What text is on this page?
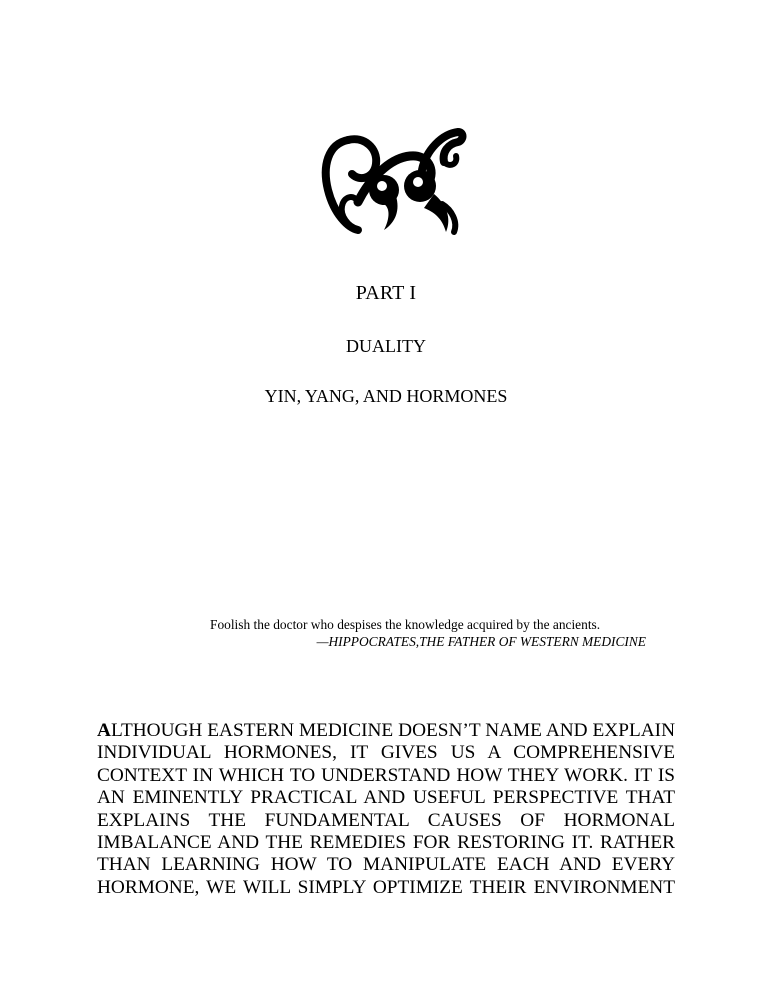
PART I
DUALITY
YIN, YANG, AND HORMONES
Foolish the doctor who despises the knowledge acquired by the ancients.
—HIPPOCRATES,THE FATHER OF WESTERN MEDICINE

ALTHOUGH EASTERN MEDICINE DOESN’T NAME AND EXPLAIN INDIVIDUAL HORMONES, IT GIVES US A COMPREHENSIVE CONTEXT IN WHICH TO UNDERSTAND HOW THEY WORK. IT IS AN EMINENTLY PRACTICAL AND USEFUL PERSPECTIVE THAT EXPLAINS THE FUNDAMENTAL CAUSES OF HORMONAL IMBALANCE AND THE REMEDIES FOR RESTORING IT. RATHER THAN LEARNING HOW TO MANIPULATE EACH AND EVERY HORMONE, WE WILL SIMPLY OPTIMIZE THEIR ENVIRONMENT
